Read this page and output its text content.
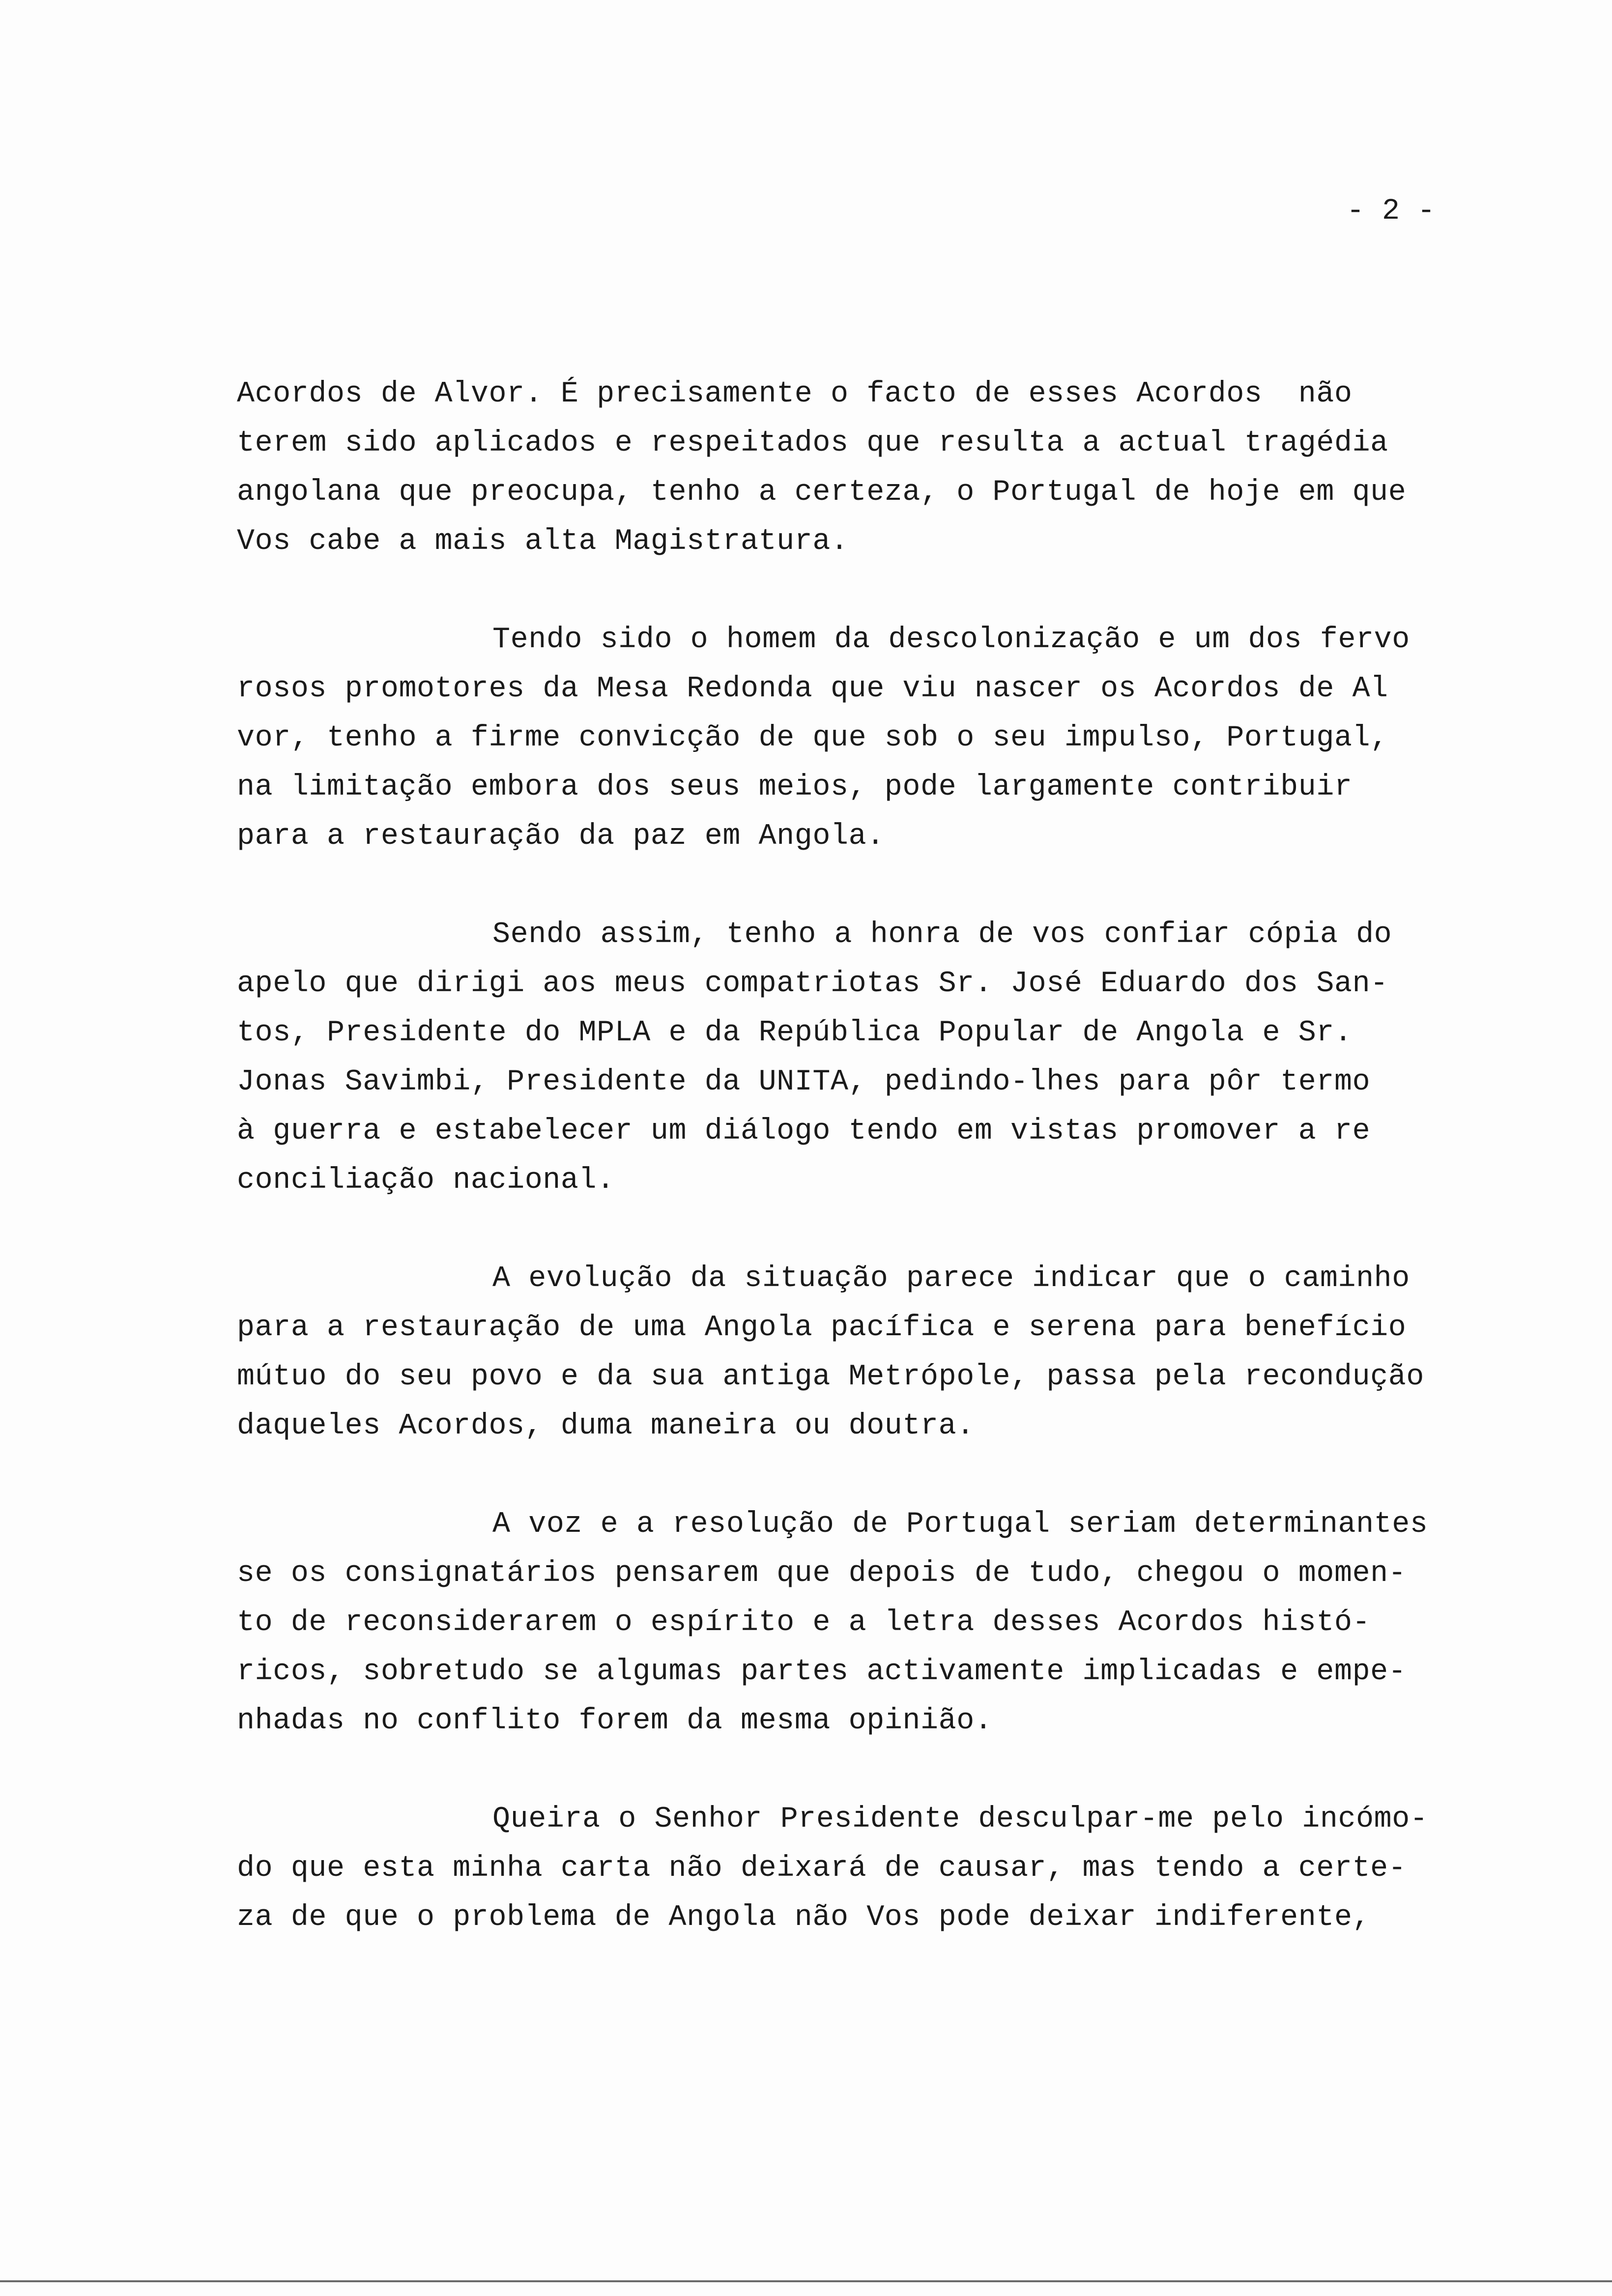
- 2 -
Acordos de Alvor. É precisamente o facto de esses Acordos  não
terem sido aplicados e respeitados que resulta a actual tragédia
angolana que preocupa, tenho a certeza, o Portugal de hoje em que
Vos cabe a mais alta Magistratura.
Tendo sido o homem da descolonização e um dos fervo
rosos promotores da Mesa Redonda que viu nascer os Acordos de Al
vor, tenho a firme convicção de que sob o seu impulso, Portugal,
na limitação embora dos seus meios, pode largamente contribuir
para a restauração da paz em Angola.
Sendo assim, tenho a honra de vos confiar cópia do
apelo que dirigi aos meus compatriotas Sr. José Eduardo dos San-
tos, Presidente do MPLA e da República Popular de Angola e Sr.
Jonas Savimbi, Presidente da UNITA, pedindo-lhes para pôr termo
à guerra e estabelecer um diálogo tendo em vistas promover a re
conciliação nacional.
A evolução da situação parece indicar que o caminho
para a restauração de uma Angola pacífica e serena para benefício
mútuo do seu povo e da sua antiga Metrópole, passa pela recondução
daqueles Acordos, duma maneira ou doutra.
A voz e a resolução de Portugal seriam determinantes
se os consignatários pensarem que depois de tudo, chegou o momen-
to de reconsiderarem o espírito e a letra desses Acordos histó-
ricos, sobretudo se algumas partes activamente implicadas e empe-
nhadas no conflito forem da mesma opinião.
Queira o Senhor Presidente desculpar-me pelo incómo-
do que esta minha carta não deixará de causar, mas tendo a certe-
za de que o problema de Angola não Vos pode deixar indiferente,
